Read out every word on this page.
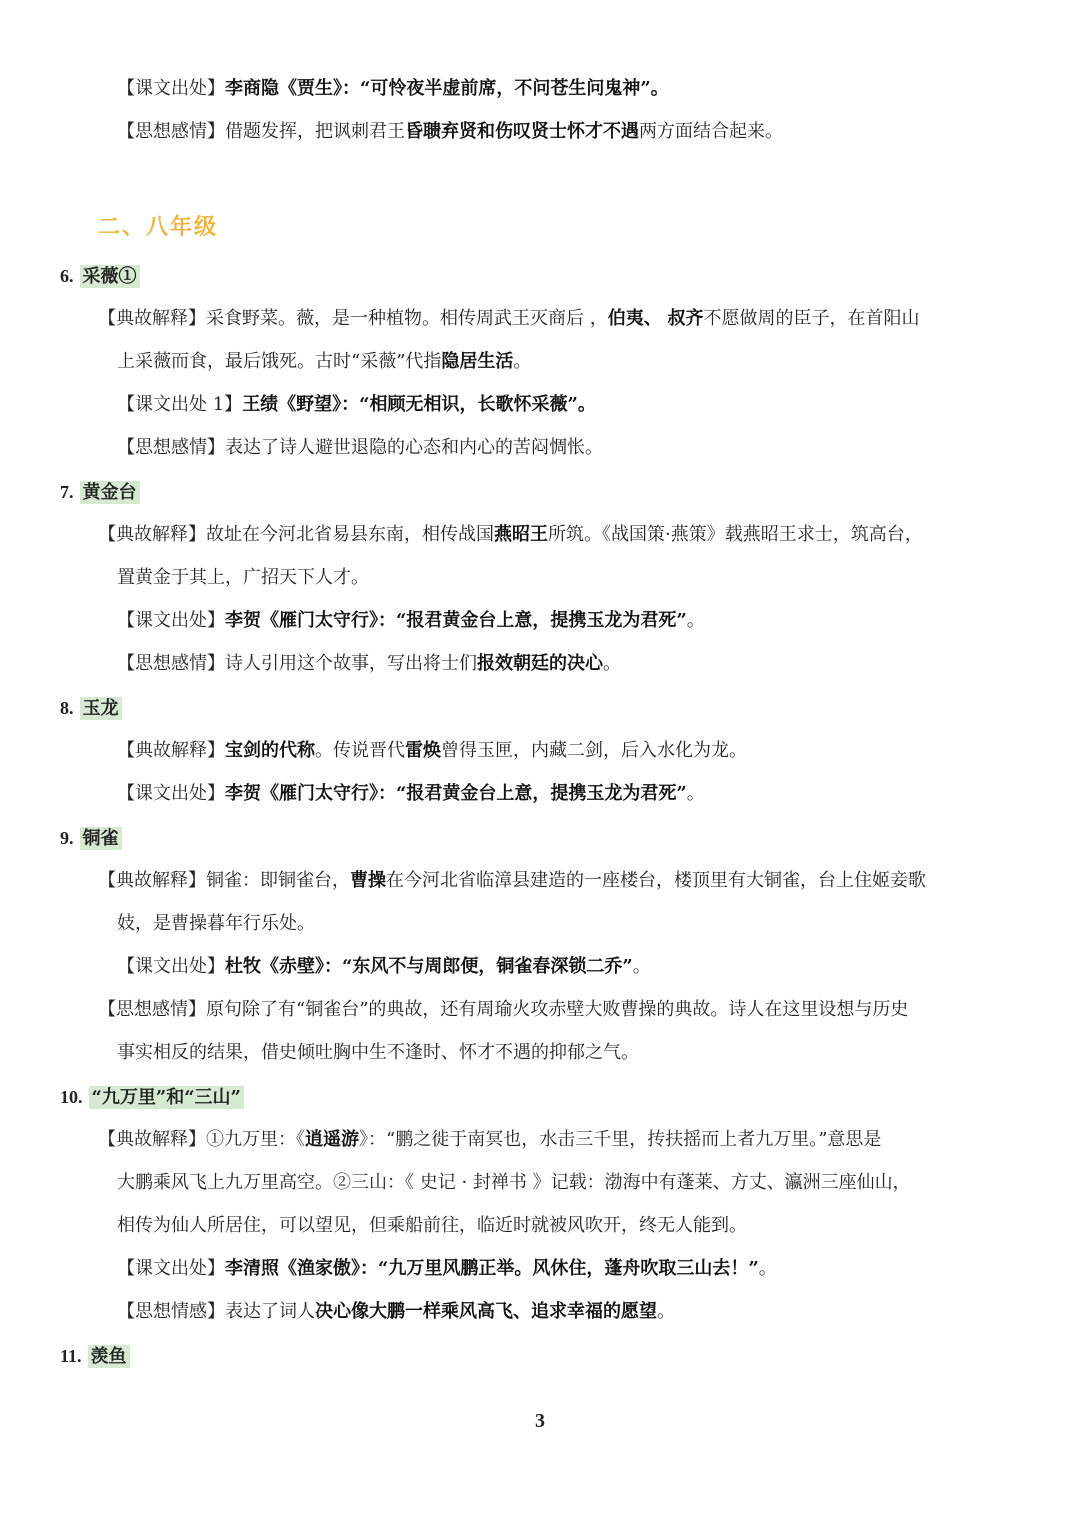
【课文出处】李商隐《贾生》：“可怜夜半虚前席，不问苍生问鬼神”。
【思想感情】借题发挥，把讽刺君王昏聩弃贤和伤叹贤士怀才不遇两方面结合起来。
二、八年级
6. 采薇①
【典故解释】采食野菜。薇，是一种植物。相传周武王灭商后 ，伯夷、 叔齐不愿做周的臣子，在首阳山
上采薇而食，最后饿死。古时“采薇”代指隐居生活。
【课文出处 1】王绩《野望》：“相顾无相识，长歌怀采薇”。
【思想感情】表达了诗人避世退隐的心态和内心的苦闷惆怅。
7. 黄金台
【典故解释】故址在今河北省易县东南，相传战国燕昭王所筑。《战国策·燕策》载燕昭王求士，筑高台，
置黄金于其上，广招天下人才。
【课文出处】李贺《雁门太守行》：“报君黄金台上意，提携玉龙为君死”。
【思想感情】诗人引用这个故事，写出将士们报效朝廷的决心。
8. 玉龙
【典故解释】宝剑的代称。传说晋代雷焕曾得玉匣，内藏二剑，后入水化为龙。
【课文出处】李贺《雁门太守行》：“报君黄金台上意，提携玉龙为君死”。
9. 铜雀
【典故解释】铜雀：即铜雀台，曹操在今河北省临漳县建造的一座楼台，楼顶里有大铜雀，台上住姬妾歌
妓，是曹操暮年行乐处。
【课文出处】杜牧《赤壁》：“东风不与周郎便，铜雀春深锁二乔”。
【思想感情】原句除了有“铜雀台”的典故，还有周瑜火攻赤壁大败曹操的典故。诗人在这里设想与历史
事实相反的结果，借史倾吐胸中生不逢时、怀才不遇的抑郁之气。
10. “九万里”和“三山”
【典故解释】①九万里：《逍遥游》：“鹏之徙于南冥也，水击三千里，抟扶摇而上者九万里。”意思是
大鹏乘风飞上九万里高空。②三山：《 史记 · 封禅书 》记载：渤海中有蓬莱、方丈、瀛洲三座仙山，
相传为仙人所居住，可以望见，但乘船前往，临近时就被风吹开，终无人能到。
【课文出处】李清照《渔家傲》：“九万里风鹏正举。风休住，蓬舟吹取三山去！”。
【思想情感】表达了词人决心像大鹏一样乘风高飞、追求幸福的愿望。
11. 羡鱼
3
